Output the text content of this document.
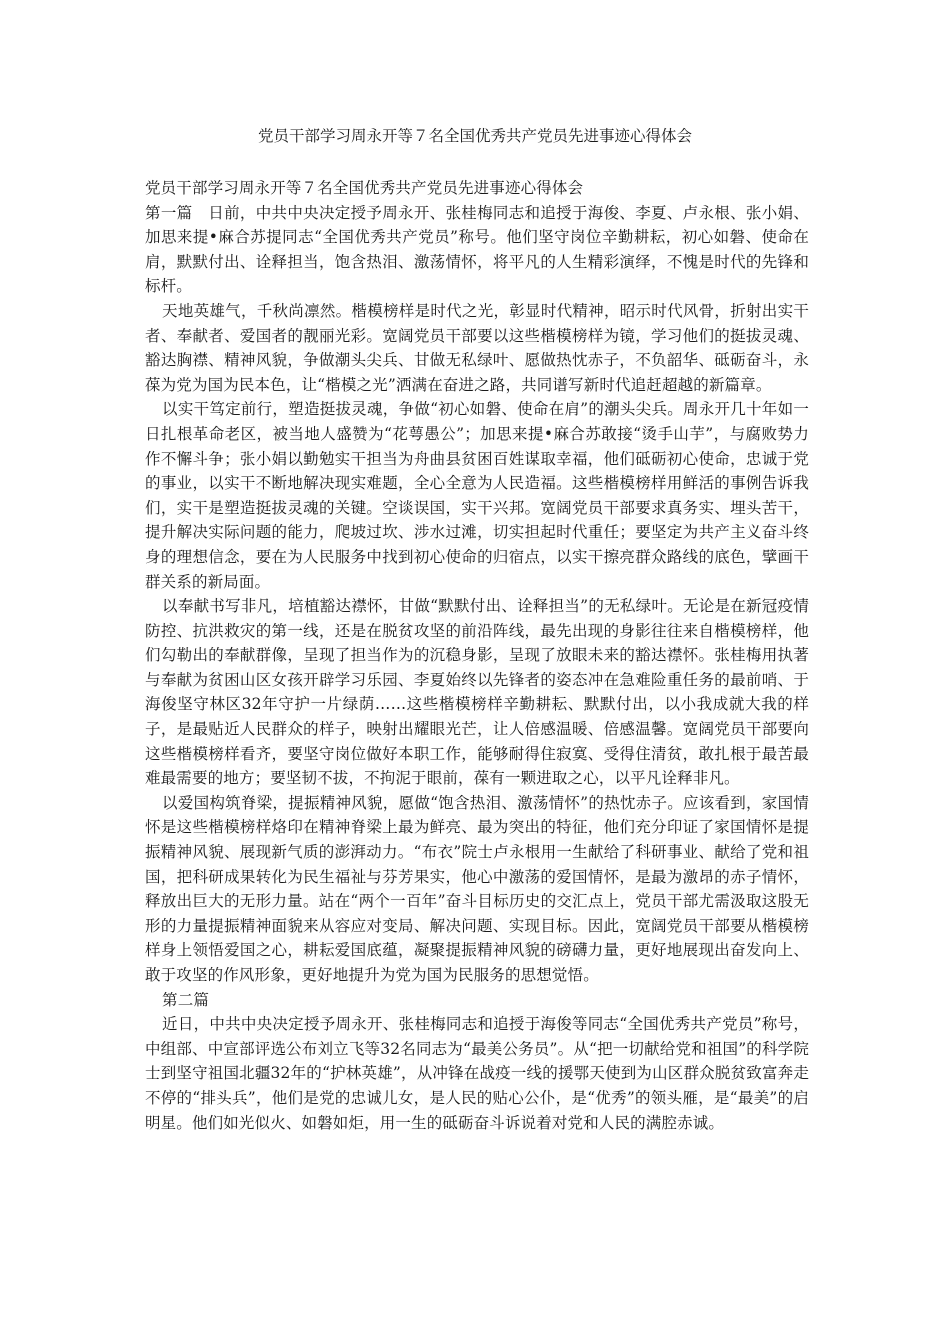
党员干部学习周永开等７名全国优秀共产党员先进事迹心得体会

党员干部学习周永开等７名全国优秀共产党员先进事迹心得体会

第一篇　日前，中共中央决定授予周永开、张桂梅同志和追授于海俊、李夏、卢永根、张小娟、加思来提•麻合苏提同志“全国优秀共产党员”称号。他们坚守岗位辛勤耕耘，初心如磐、使命在肩，默默付出、诠释担当，饱含热泪、激荡情怀，将平凡的人生精彩演绎，不愧是时代的先锋和标杆。

天地英雄气，千秋尚凛然。楷模榜样是时代之光，彰显时代精神，昭示时代风骨，折射出实干者、奉献者、爱国者的靓丽光彩。宽阔党员干部要以这些楷模榜样为镜，学习他们的挺拔灵魂、豁达胸襟、精神风貌，争做潮头尖兵、甘做无私绿叶、愿做热忱赤子，不负韶华、砥砺奋斗，永葆为党为国为民本色，让“楷模之光”洒满在奋进之路，共同谱写新时代追赶超越的新篇章。

以实干笃定前行，塑造挺拔灵魂，争做“初心如磐、使命在肩”的潮头尖兵。周永开几十年如一日扎根革命老区，被当地人盛赞为“花萼愚公”；加思来提•麻合苏敢接“烫手山芋”，与腐败势力作不懈斗争；张小娟以勤勉实干担当为舟曲县贫困百姓谋取幸福，他们砥砺初心使命，忠诚于党的事业，以实干不断地解决现实难题，全心全意为人民造福。这些楷模榜样用鲜活的事例告诉我们，实干是塑造挺拔灵魂的关键。空谈误国，实干兴邦。宽阔党员干部要求真务实、埋头苦干，提升解决实际问题的能力，爬坡过坎、涉水过滩，切实担起时代重任；要坚定为共产主义奋斗终身的理想信念，要在为人民服务中找到初心使命的归宿点，以实干擦亮群众路线的底色，擘画干群关系的新局面。

以奉献书写非凡，培植豁达襟怀，甘做“默默付出、诠释担当”的无私绿叶。无论是在新冠疫情防控、抗洪救灾的第一线，还是在脱贫攻坚的前沿阵线，最先出现的身影往往来自楷模榜样，他们勾勒出的奉献群像，呈现了担当作为的沉稳身影，呈现了放眼未来的豁达襟怀。张桂梅用执著与奉献为贫困山区女孩开辟学习乐园、李夏始终以先锋者的姿态冲在急难险重任务的最前哨、于海俊坚守林区32年守护一片绿荫……这些楷模榜样辛勤耕耘、默默付出，以小我成就大我的样子，是最贴近人民群众的样子，映射出耀眼光芒，让人倍感温暖、倍感温馨。宽阔党员干部要向这些楷模榜样看齐，要坚守岗位做好本职工作，能够耐得住寂寞、受得住清贫，敢扎根于最苦最难最需要的地方；要坚韧不拔，不拘泥于眼前，葆有一颗进取之心，以平凡诠释非凡。

以爱国构筑脊梁，提振精神风貌，愿做“饱含热泪、激荡情怀”的热忱赤子。应该看到，家国情怀是这些楷模榜样烙印在精神脊梁上最为鲜亮、最为突出的特征，他们充分印证了家国情怀是提振精神风貌、展现新气质的澎湃动力。“布衣”院士卢永根用一生献给了科研事业、献给了党和祖国，把科研成果转化为民生福祉与芬芳果实，他心中激荡的爱国情怀，是最为激昂的赤子情怀，释放出巨大的无形力量。站在“两个一百年”奋斗目标历史的交汇点上，党员干部尤需汲取这股无形的力量提振精神面貌来从容应对变局、解决问题、实现目标。因此，宽阔党员干部要从楷模榜样身上领悟爱国之心，耕耘爱国底蕴，凝聚提振精神风貌的磅礴力量，更好地展现出奋发向上、敢于攻坚的作风形象，更好地提升为党为国为民服务的思想觉悟。

第二篇

近日，中共中央决定授予周永开、张桂梅同志和追授于海俊等同志“全国优秀共产党员”称号，中组部、中宣部评选公布刘立飞等32名同志为“最美公务员”。从“把一切献给党和祖国”的科学院士到坚守祖国北疆32年的“护林英雄”，从冲锋在战疫一线的援鄂天使到为山区群众脱贫致富奔走不停的“排头兵”，他们是党的忠诚儿女，是人民的贴心公仆，是“优秀”的领头雁，是“最美”的启明星。他们如光似火、如磐如炬，用一生的砥砺奋斗诉说着对党和人民的满腔赤诚。
